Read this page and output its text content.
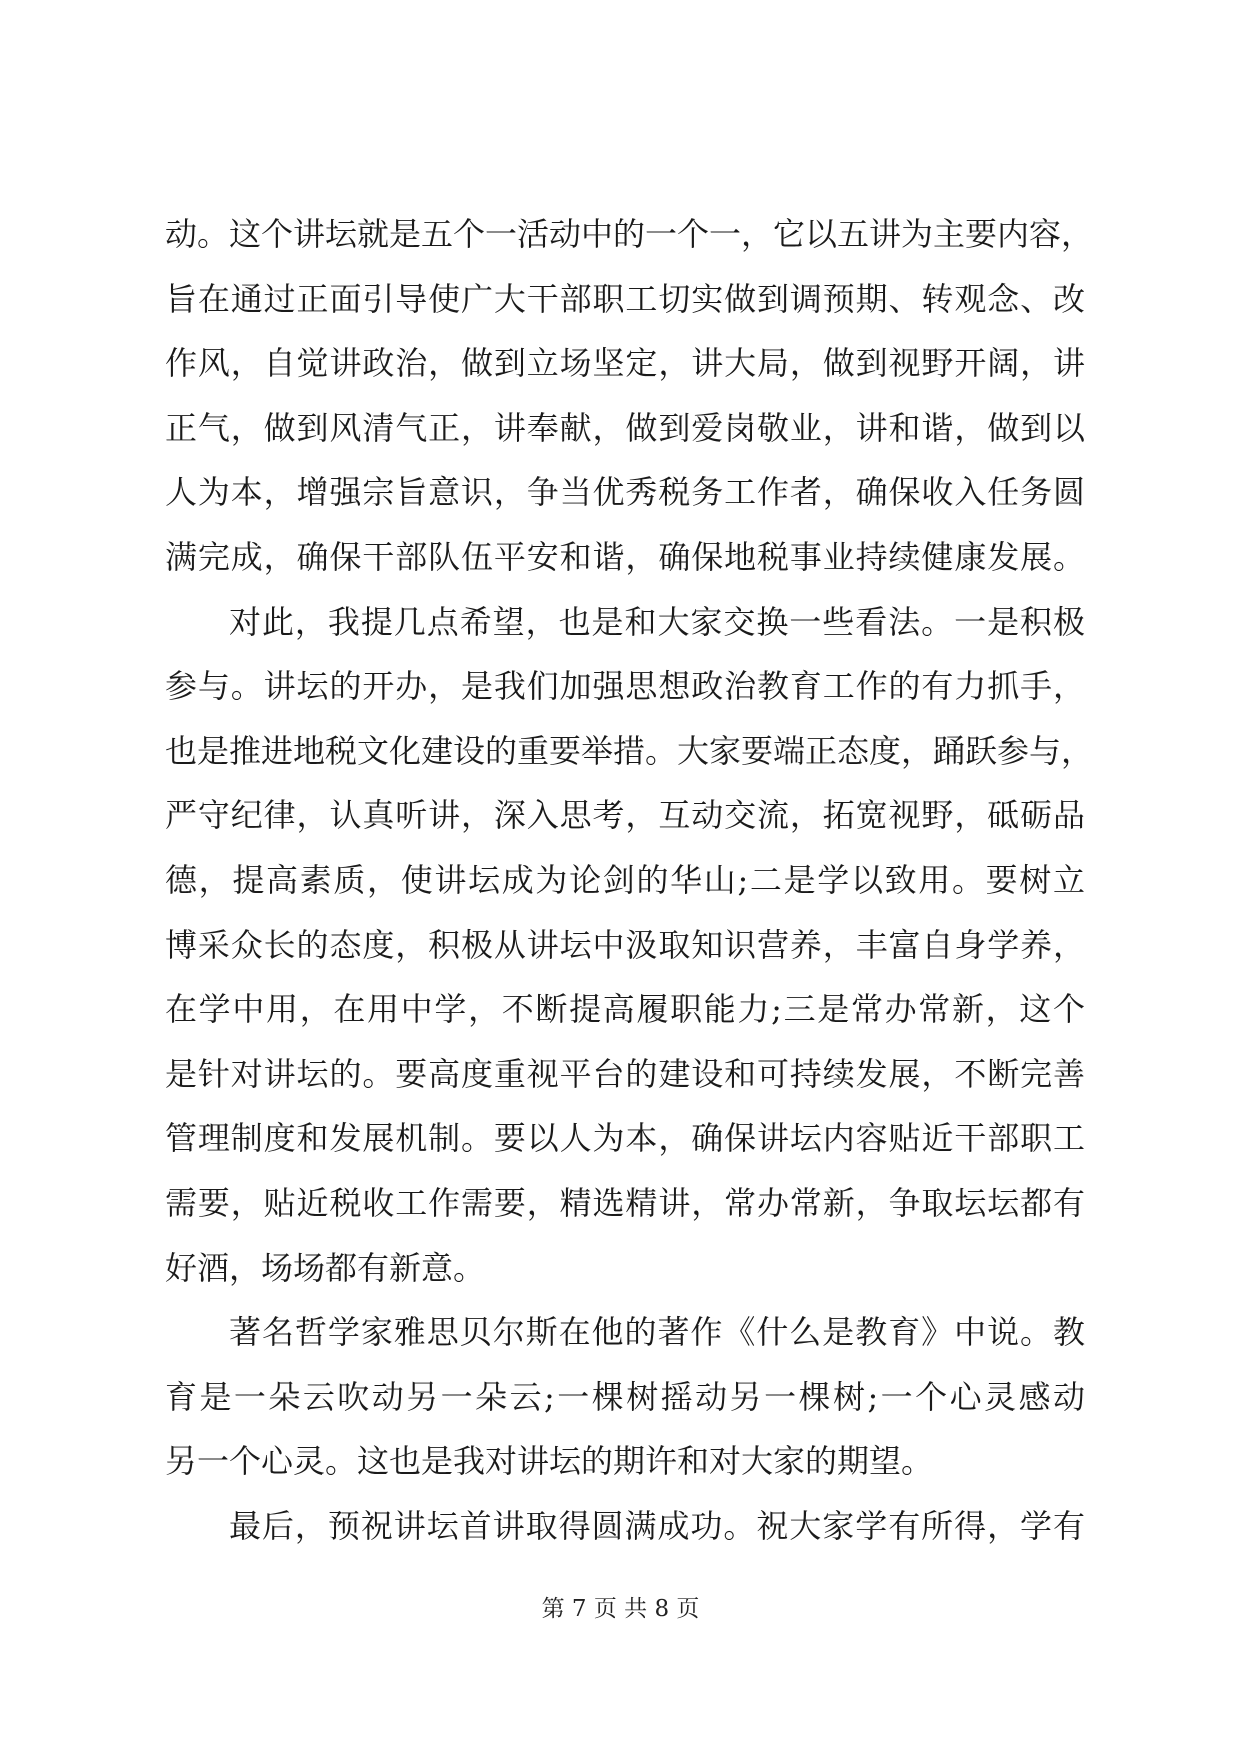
动。这个讲坛就是五个一活动中的一个一，它以五讲为主要内容，
旨在通过正面引导使广大干部职工切实做到调预期、转观念、改
作风，自觉讲政治，做到立场坚定，讲大局，做到视野开阔，讲
正气，做到风清气正，讲奉献，做到爱岗敬业，讲和谐，做到以
人为本，增强宗旨意识，争当优秀税务工作者，确保收入任务圆
满完成，确保干部队伍平安和谐，确保地税事业持续健康发展。
对此，我提几点希望，也是和大家交换一些看法。一是积极
参与。讲坛的开办，是我们加强思想政治教育工作的有力抓手，
也是推进地税文化建设的重要举措。大家要端正态度，踊跃参与，
严守纪律，认真听讲，深入思考，互动交流，拓宽视野，砥砺品
德，提高素质，使讲坛成为论剑的华山;二是学以致用。要树立
博采众长的态度，积极从讲坛中汲取知识营养，丰富自身学养，
在学中用，在用中学，不断提高履职能力;三是常办常新，这个
是针对讲坛的。要高度重视平台的建设和可持续发展，不断完善
管理制度和发展机制。要以人为本，确保讲坛内容贴近干部职工
需要，贴近税收工作需要，精选精讲，常办常新，争取坛坛都有
好酒，场场都有新意。
著名哲学家雅思贝尔斯在他的著作《什么是教育》中说。教
育是一朵云吹动另一朵云;一棵树摇动另一棵树;一个心灵感动
另一个心灵。这也是我对讲坛的期许和对大家的期望。
最后，预祝讲坛首讲取得圆满成功。祝大家学有所得，学有
第 7 页 共 8 页
